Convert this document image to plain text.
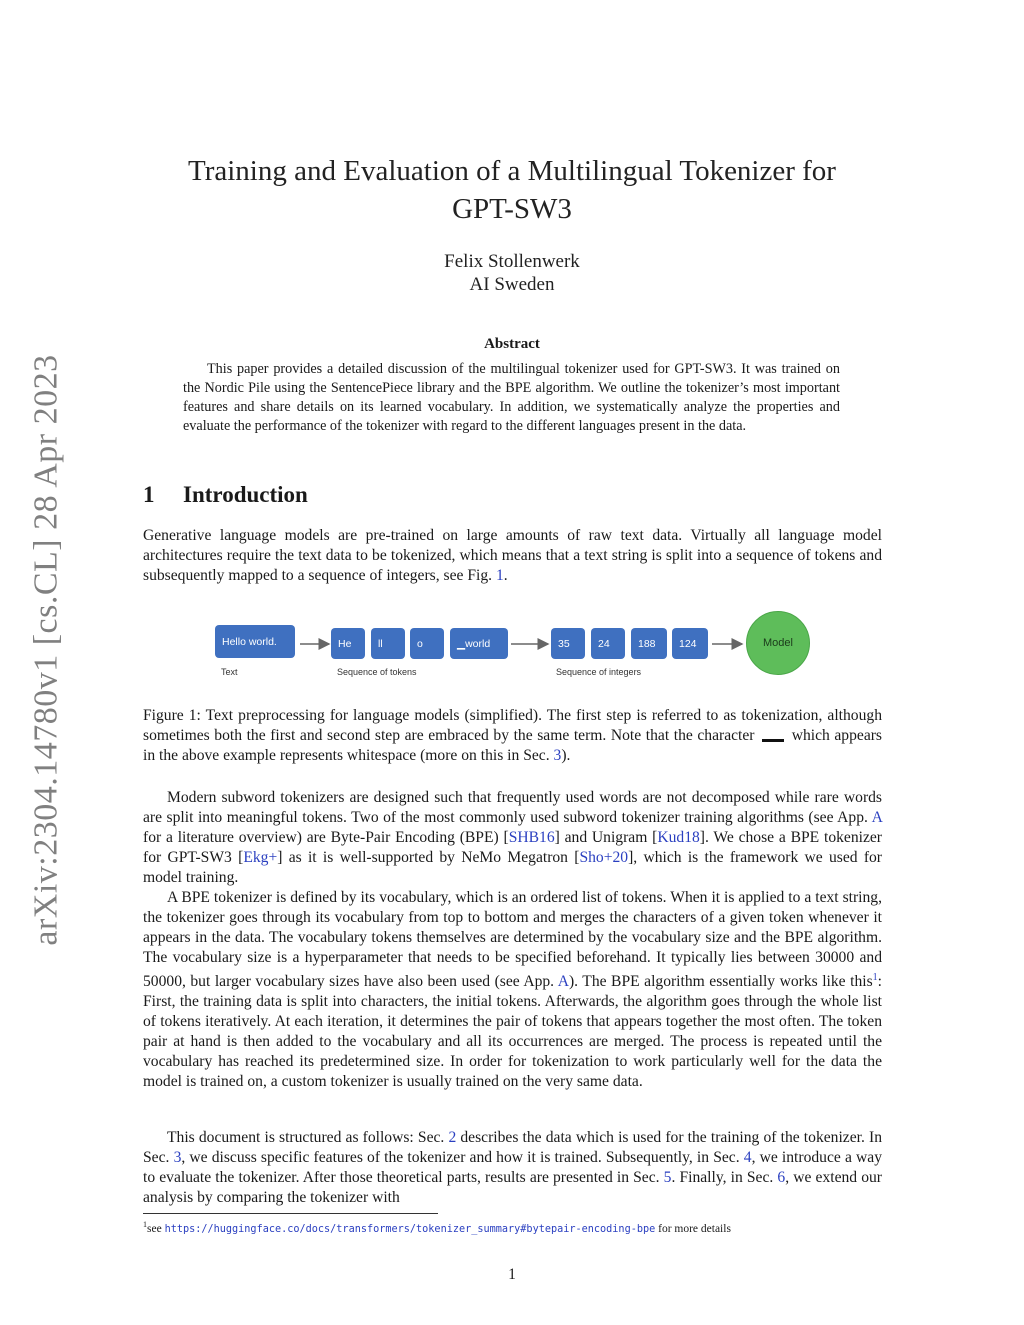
arXiv:2304.14780v1 [cs.CL] 28 Apr 2023
Training and Evaluation of a Multilingual Tokenizer for
GPT-SW3
Felix Stollenwerk
AI Sweden
Abstract
This paper provides a detailed discussion of the multilingual tokenizer used for GPT-SW3. It was trained on the Nordic Pile using the SentencePiece library and the BPE algorithm. We outline the tokenizer’s most important features and share details on its learned vocabulary. In addition, we systematically analyze the properties and evaluate the performance of the tokenizer with regard to the different languages present in the data.
1 Introduction

Generative language models are pre-trained on large amounts of raw text data. Virtually all language model architectures require the text data to be tokenized, which means that a text string is split into a sequence of tokens and subsequently mapped to a sequence of integers, see Fig. 1.

Hello world.
Text
He	ll	o	▁world
Sequence of tokens
35	24	188	124
Sequence of integers
Model
Figure 1: Text preprocessing for language models (simplified). The first step is referred to as tokenization, although sometimes both the first and second step are embraced by the same term. Note that the character which appears in the above example represents whitespace (more on this in Sec. 3).

Modern subword tokenizers are designed such that frequently used words are not decomposed while rare words are split into meaningful tokens. Two of the most commonly used subword tokenizer training algorithms (see App. A for a literature overview) are Byte-Pair Encoding (BPE) [SHB16] and Unigram [Kud18]. We chose a BPE tokenizer for GPT-SW3 [Ekg+] as it is well-supported by NeMo Megatron [Sho+20], which is the framework we used for model training.

A BPE tokenizer is defined by its vocabulary, which is an ordered list of tokens. When it is applied to a text string, the tokenizer goes through its vocabulary from top to bottom and merges the characters of a given token whenever it appears in the data. The vocabulary tokens themselves are determined by the vocabulary size and the BPE algorithm. The vocabulary size is a hyperparameter that needs to be specified beforehand. It typically lies between 30000 and 50000, but larger vocabulary sizes have also been used (see App. A). The BPE algorithm essentially works like this$^1$: First, the training data is split into characters, the initial tokens. Afterwards, the algorithm goes through the whole list of tokens iteratively. At each iteration, it determines the pair of tokens that appears together the most often. The token pair at hand is then added to the vocabulary and all its occurrences are merged. The process is repeated until the vocabulary has reached its predetermined size. In order for tokenization to work particularly well for the data the model is trained on, a custom tokenizer is usually trained on the very same data.

This document is structured as follows: Sec. 2 describes the data which is used for the training of the tokenizer. In Sec. 3, we discuss specific features of the tokenizer and how it is trained. Subsequently, in Sec. 4, we introduce a way to evaluate the tokenizer. After those theoretical parts, results are presented in Sec. 5. Finally, in Sec. 6, we extend our analysis by comparing the tokenizer with

$^1$see https://huggingface.co/docs/transformers/tokenizer_summary#bytepair-encoding-bpe for more details
1
